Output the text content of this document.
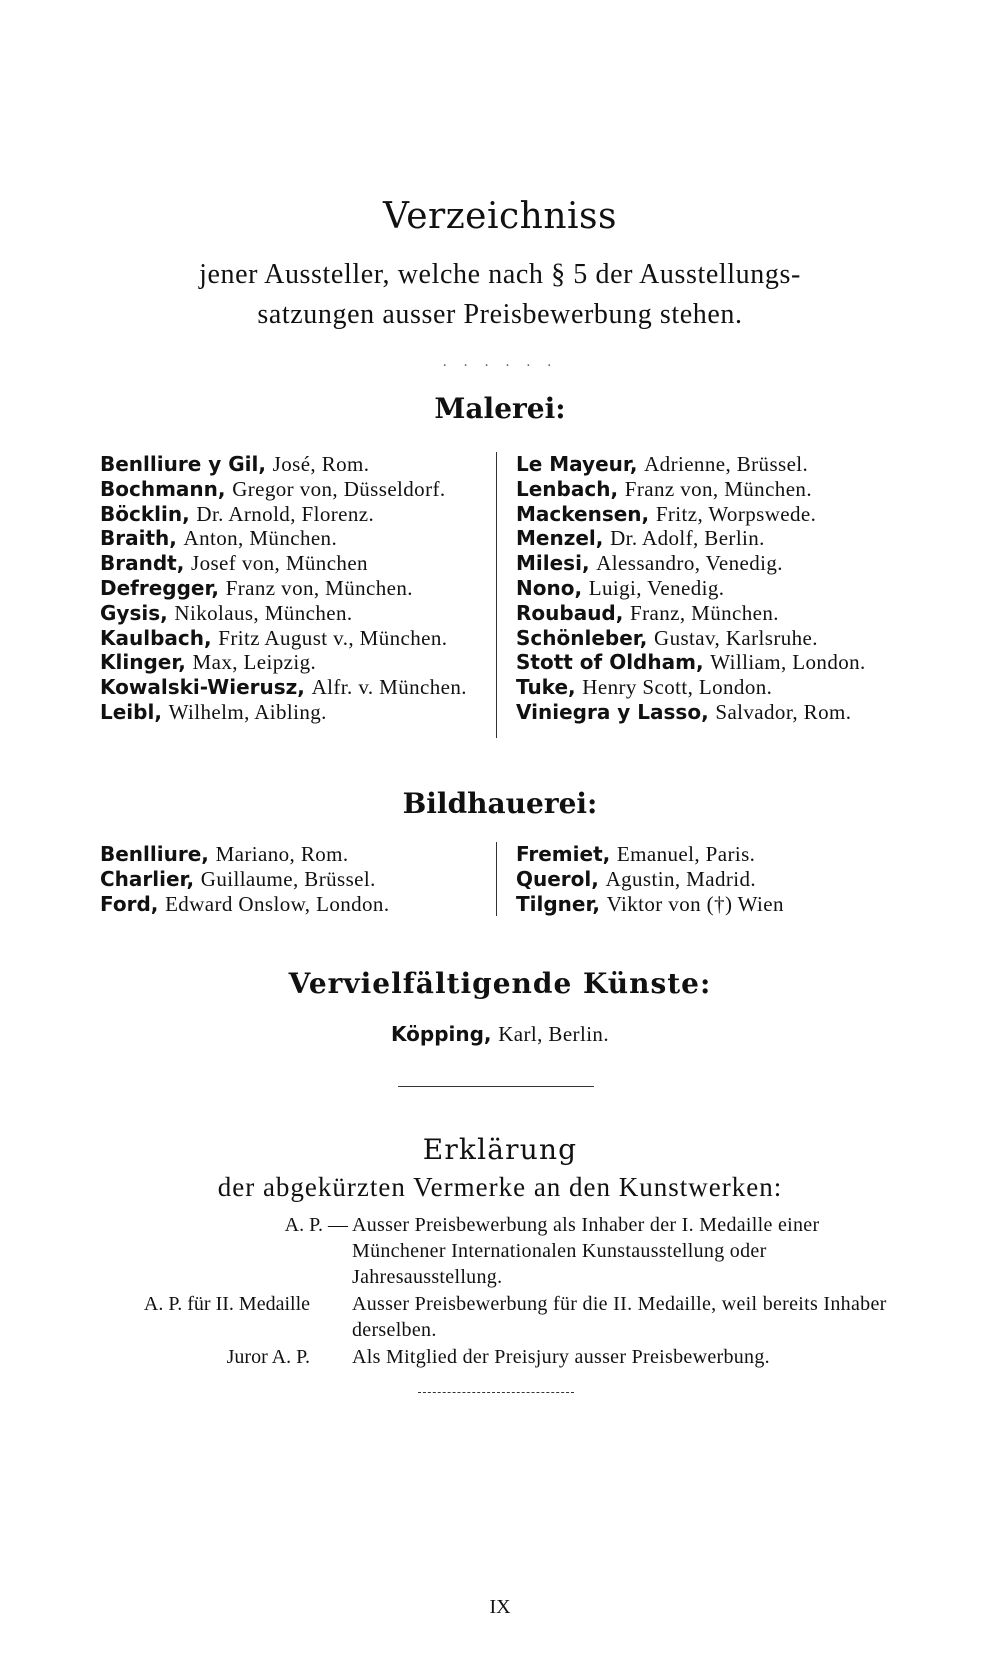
Verzeichniss
jener Aussteller, welche nach § 5 der Ausstellungs-
satzungen ausser Preisbewerbung stehen.
. . . . . .
Malerei:
Benlliure y Gil, José, Rom.
Bochmann, Gregor von, Düsseldorf.
Böcklin, Dr. Arnold, Florenz.
Braith, Anton, München.
Brandt, Josef von, München
Defregger, Franz von, München.
Gysis, Nikolaus, München.
Kaulbach, Fritz August v., München.
Klinger, Max, Leipzig.
Kowalski-Wierusz, Alfr. v. München.
Leibl, Wilhelm, Aibling.
Le Mayeur, Adrienne, Brüssel.
Lenbach, Franz von, München.
Mackensen, Fritz, Worpswede.
Menzel, Dr. Adolf, Berlin.
Milesi, Alessandro, Venedig.
Nono, Luigi, Venedig.
Roubaud, Franz, München.
Schönleber, Gustav, Karlsruhe.
Stott of Oldham, William, London.
Tuke, Henry Scott, London.
Viniegra y Lasso, Salvador, Rom.
Bildhauerei:
Benlliure, Mariano, Rom.
Charlier, Guillaume, Brüssel.
Ford, Edward Onslow, London.
Fremiet, Emanuel, Paris.
Querol, Agustin, Madrid.
Tilgner, Viktor von (†) Wien
Vervielfältigende Künste:
Köpping, Karl, Berlin.
Erklärung
der abgekürzten Vermerke an den Kunstwerken:
A. P. — Ausser Preisbewerbung als Inhaber der I. Medaille einer Münchener Internationalen Kunstausstellung oder Jahresausstellung.
A. P. für II. Medaille Ausser Preisbewerbung für die II. Medaille, weil bereits Inhaber derselben.
Juror A. P. Als Mitglied der Preisjury ausser Preisbewerbung.
IX
